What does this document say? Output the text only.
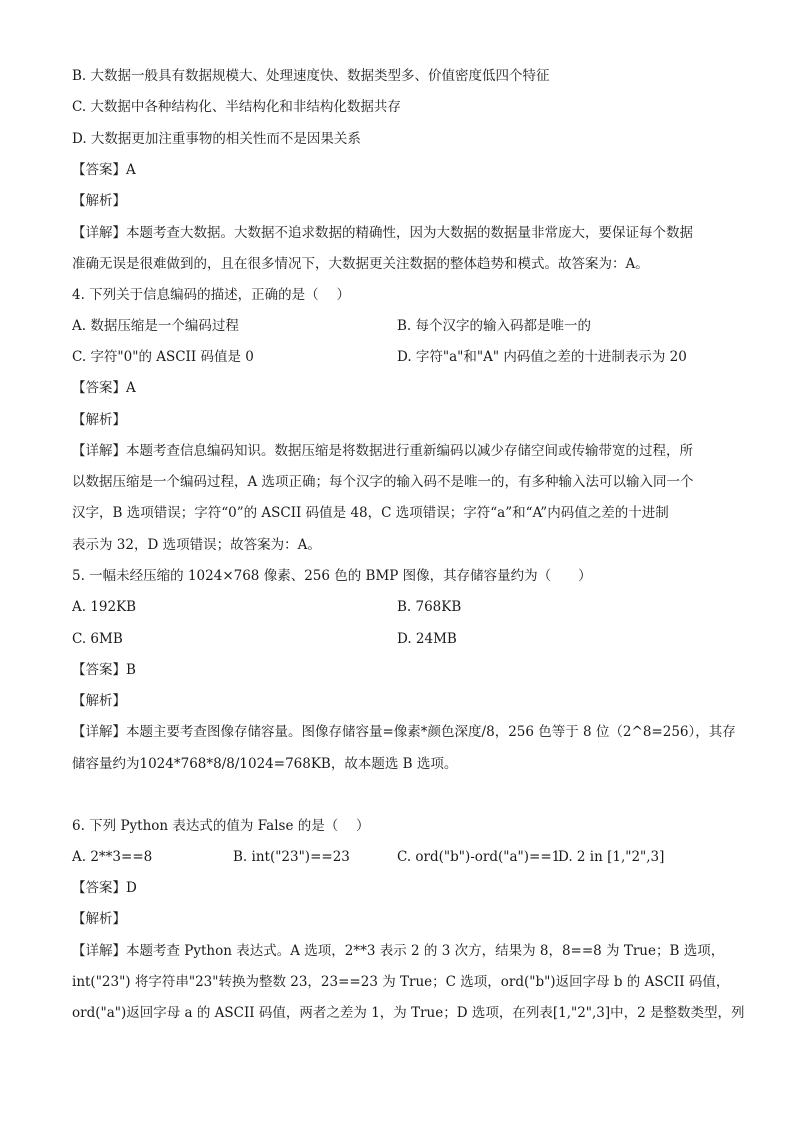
B. 大数据一般具有数据规模大、处理速度快、数据类型多、价值密度低四个特征
C. 大数据中各种结构化、半结构化和非结构化数据共存
D. 大数据更加注重事物的相关性而不是因果关系
【答案】A
【解析】
【详解】本题考查大数据。大数据不追求数据的精确性，因为大数据的数据量非常庞大，要保证每个数据
准确无误是很难做到的，且在很多情况下，大数据更关注数据的整体趋势和模式。故答案为：A。
4. 下列关于信息编码的描述，正确的是（　 ）
A. 数据压缩是一个编码过程	B. 每个汉字的输入码都是唯一的
C. 字符"0"的 ASCII 码值是 0	D. 字符"a"和"A" 内码值之差的十进制表示为 20
【答案】A
【解析】
【详解】本题考查信息编码知识。数据压缩是将数据进行重新编码以减少存储空间或传输带宽的过程，所
以数据压缩是一个编码过程，A 选项正确；每个汉字的输入码不是唯一的，有多种输入法可以输入同一个
汉字，B 选项错误；字符“0”的 ASCII 码值是 48，C 选项错误；字符“a”和“A”内码值之差的十进制
表示为 32，D 选项错误；故答案为：A。
5. 一幅未经压缩的 1024×768 像素、256 色的 BMP 图像，其存储容量约为（　　）
A. 192KB	B. 768KB
C. 6MB	D. 24MB
【答案】B
【解析】
【详解】本题主要考查图像存储容量。图像存储容量=像素*颜色深度/8，256 色等于 8 位（2^8=256），其存
储容量约为1024*768*8/8/1024=768KB，故本题选 B 选项。
6. 下列 Python 表达式的值为 False 的是（　 ）
A. 2**3==8	B. int("23")==23	C. ord("b")-ord("a")==1
D. 2 in [1,"2",3]
【答案】D
【解析】
【详解】本题考查 Python 表达式。A 选项，2**3 表示 2 的 3 次方，结果为 8，8==8 为 True；B 选项，
int("23") 将字符串"23"转换为整数 23，23==23 为 True；C 选项，ord("b")返回字母 b 的 ASCII 码值，
ord("a")返回字母 a 的 ASCII 码值，两者之差为 1，为 True；D 选项，在列表[1,"2",3]中，2 是整数类型，列
